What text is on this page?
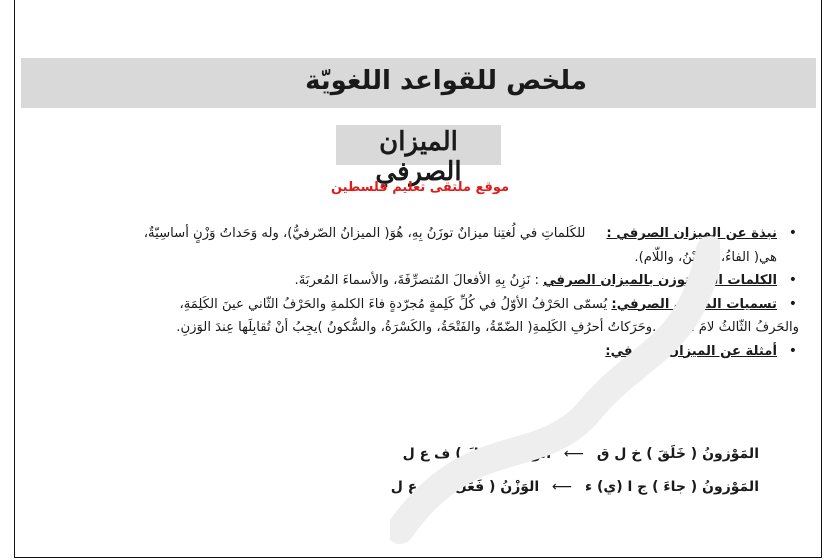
ملخص للقواعد اللغويّة
الميزان الصرفي
موقع ملتقى تعليم فلسطين
• نبذة عن الميزان الصرفي :     للكَلماتِ في لُغتِنا ميزانٌ توزَنُ بِهِ، هُوَ( الميزانُ الصّرفيُّ)، وله وَحَداتُ وَزْنٍ أساسِيّةٌ،
هي( الفاءُ، والعَيْنُ، واللّام).
• الكلمات التي توزن بالميزان الصرفي : نَزِنُ بِهِ الأفعالَ المُتصرِّفَةَ، والأسماءَ المُعربَةَ.
• تسميات الميزان الصرفي: يُسمّى الحَرْفُ الأوّلُ في كُلِّ كَلِمةٍ مُجرّدةٍ فاءَ الكلمةِ والحَرْفُ الثّاني عينَ الكَلِمَةِ،
والحَرفُ الثّالثُ لامَ الكَلِمَةِ .وحَرَكاتُ أحرُفِ الكَلِمةِ( الضّمّةُ، والفَتْحَةُ، والكَسْرَةُ، والسُّكونُ )يجِبُ أنْ تُقابِلَها عِندَ الوَزنِ.
• أمثلة عن الميزان الصرفي:
المَوْزونُ ( خَلَقَ ) خ ل ق ⟵ الوَزْنُ ( فَعَلَ ) ف ع ل
المَوْزونُ ( جاءَ ) ج ا (ي) ء ⟵ الوَزْنُ ( فَعَلَ ) ف ع ل
